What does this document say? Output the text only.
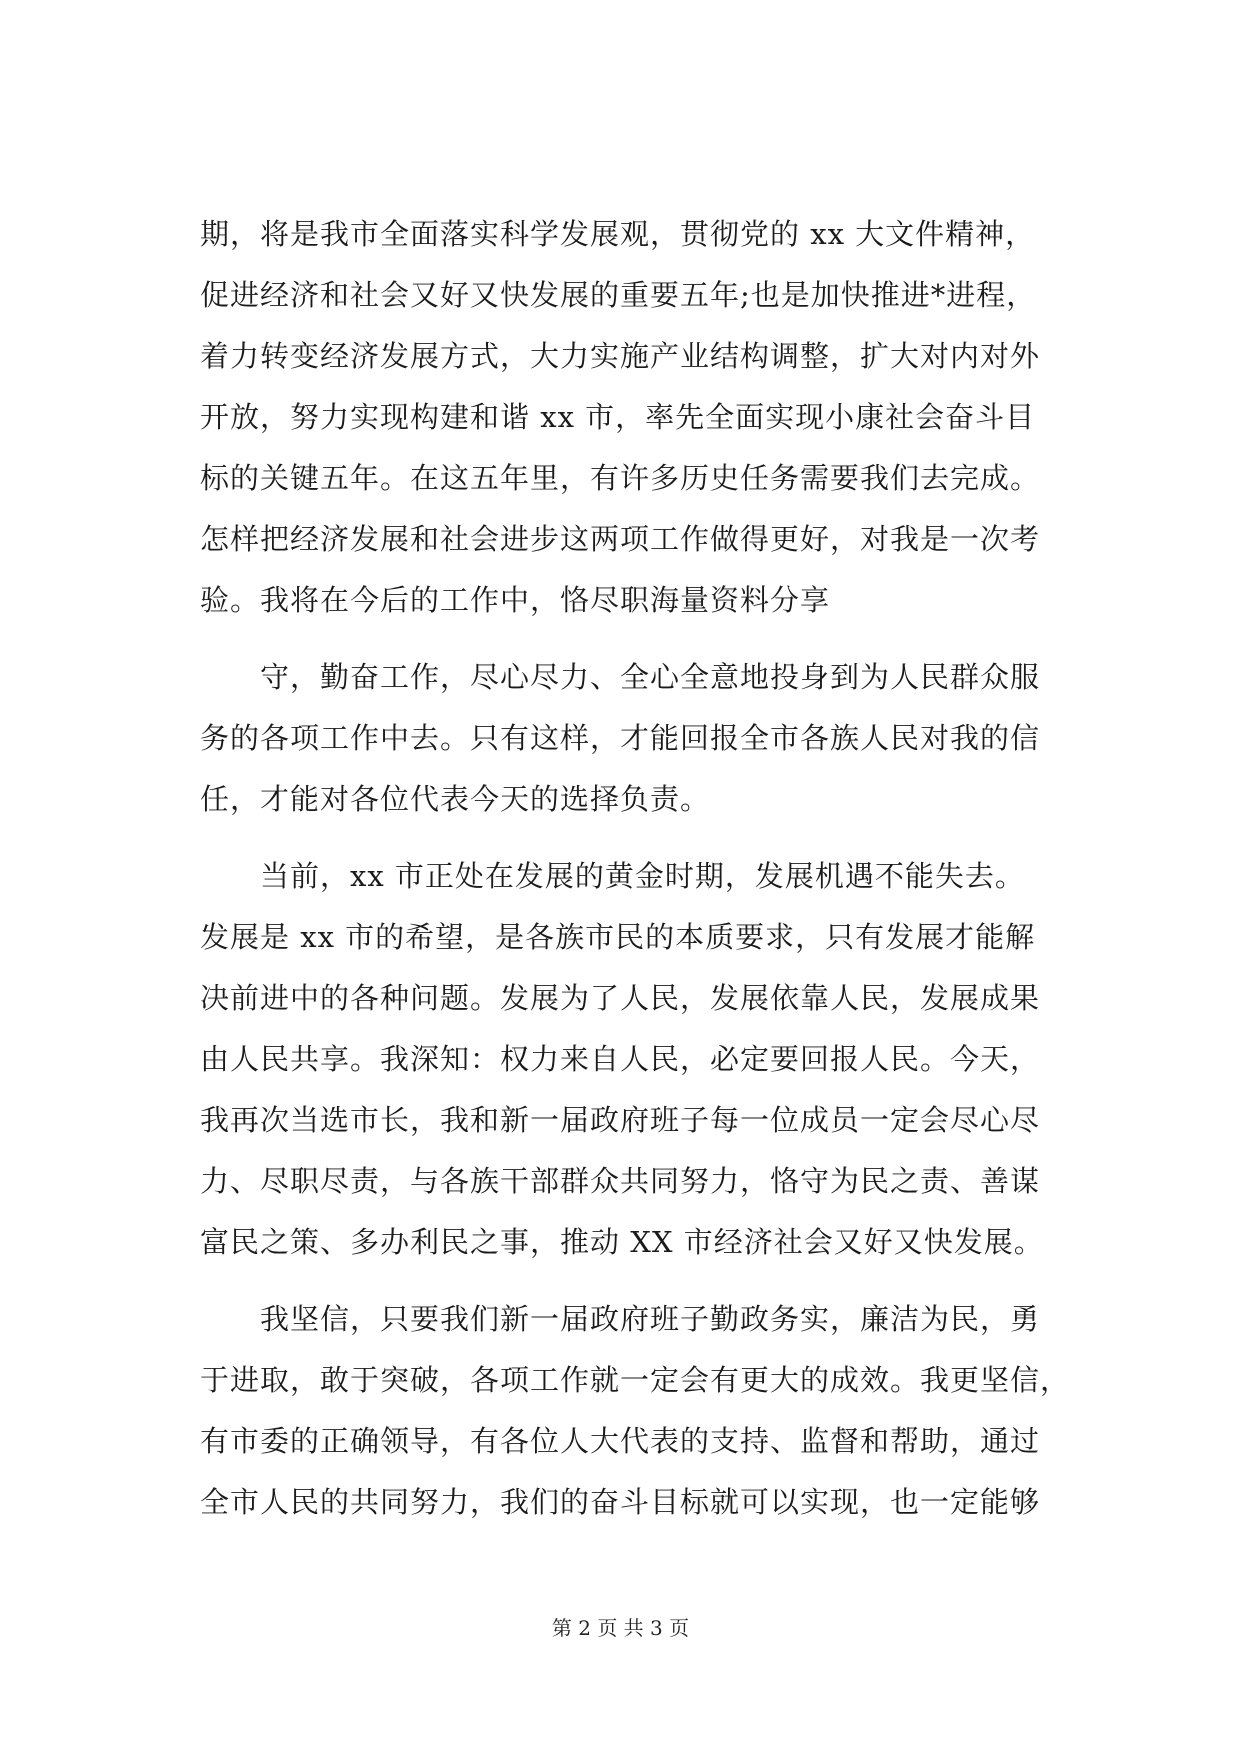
期，将是我市全面落实科学发展观，贯彻党的 xx 大文件精神，
促进经济和社会又好又快发展的重要五年;也是加快推进*进程，
着力转变经济发展方式，大力实施产业结构调整，扩大对内对外
开放，努力实现构建和谐 xx 市，率先全面实现小康社会奋斗目
标的关键五年。在这五年里，有许多历史任务需要我们去完成。
怎样把经济发展和社会进步这两项工作做得更好，对我是一次考
验。我将在今后的工作中，恪尽职海量资料分享
　　守，勤奋工作，尽心尽力、全心全意地投身到为人民群众服
务的各项工作中去。只有这样，才能回报全市各族人民对我的信
任，才能对各位代表今天的选择负责。
　　当前，xx 市正处在发展的黄金时期，发展机遇不能失去。
发展是 xx 市的希望，是各族市民的本质要求，只有发展才能解
决前进中的各种问题。发展为了人民，发展依靠人民，发展成果
由人民共享。我深知：权力来自人民，必定要回报人民。今天，
我再次当选市长，我和新一届政府班子每一位成员一定会尽心尽
力、尽职尽责，与各族干部群众共同努力，恪守为民之责、善谋
富民之策、多办利民之事，推动 XX 市经济社会又好又快发展。
　　我坚信，只要我们新一届政府班子勤政务实，廉洁为民，勇
于进取，敢于突破，各项工作就一定会有更大的成效。我更坚信，
有市委的正确领导，有各位人大代表的支持、监督和帮助，通过
全市人民的共同努力，我们的奋斗目标就可以实现，也一定能够
第 2 页 共 3 页
